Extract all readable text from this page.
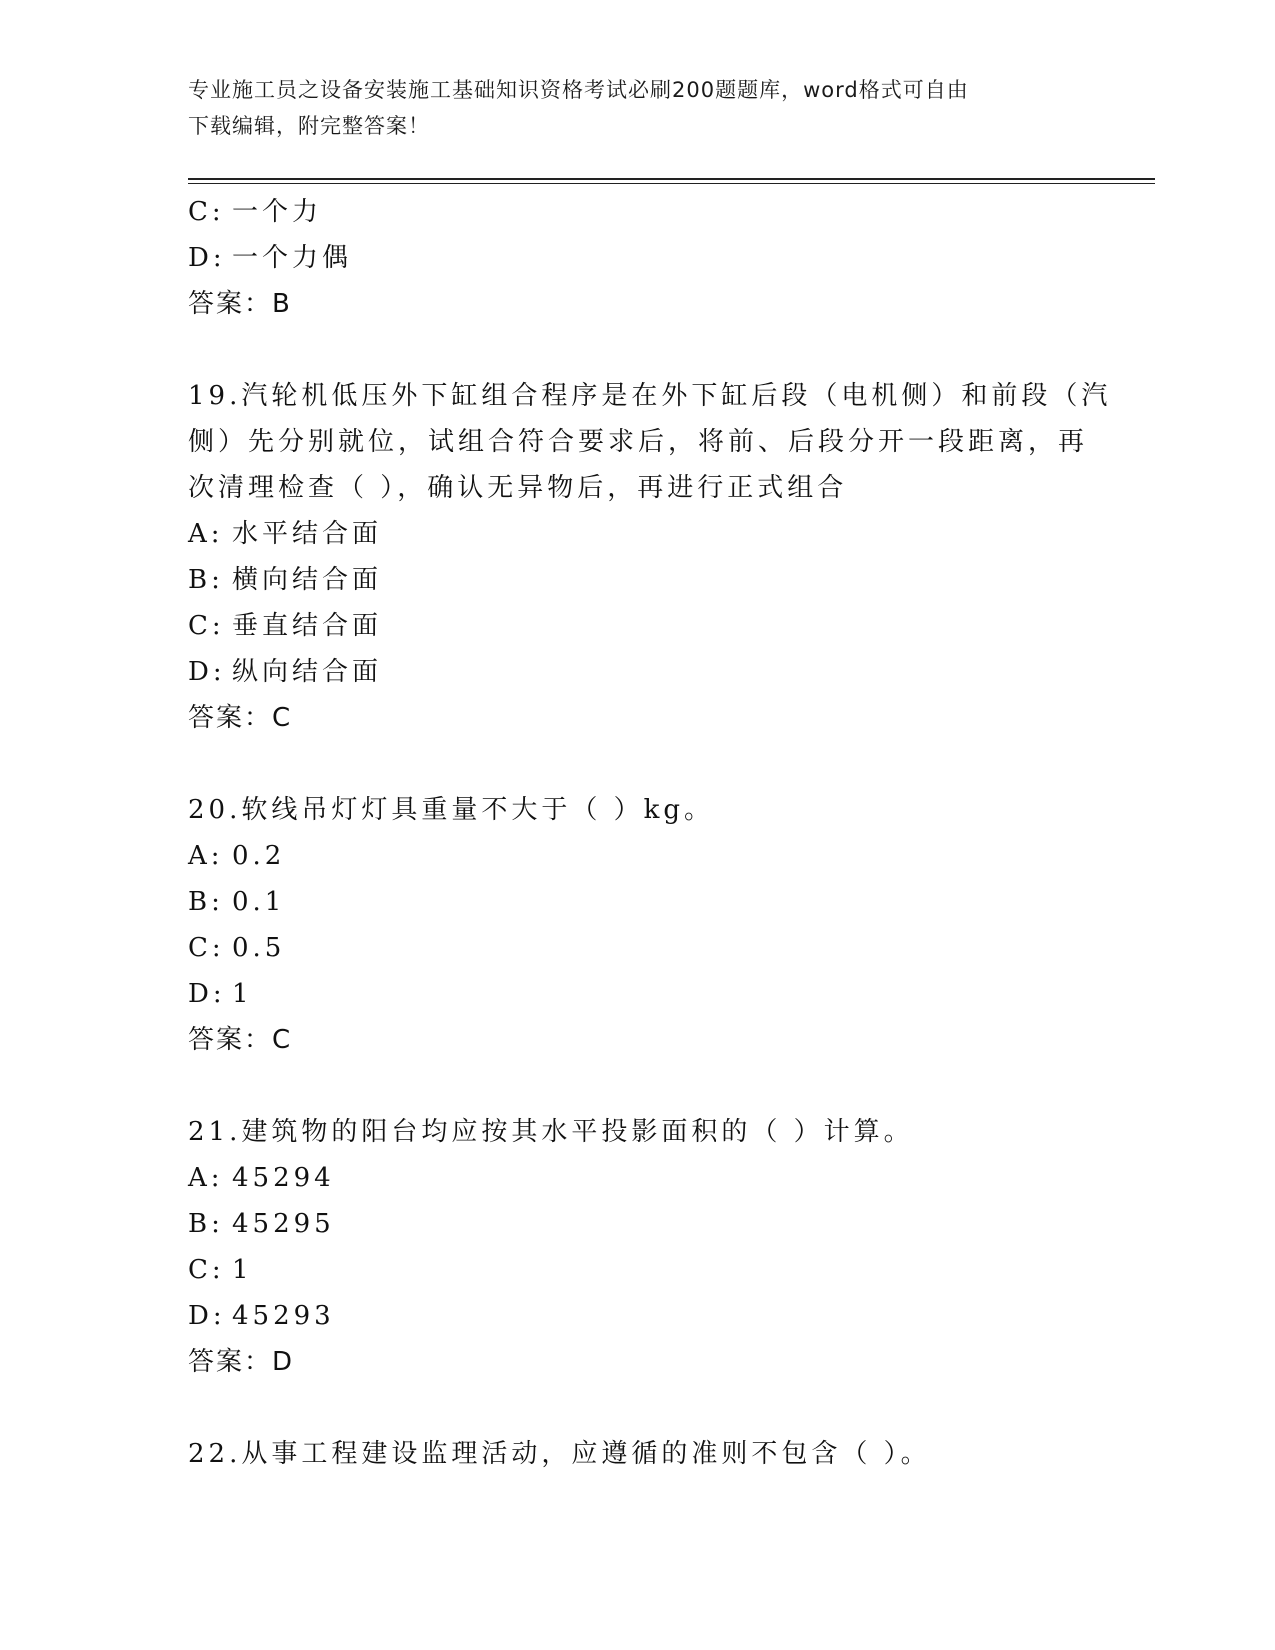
专业施工员之设备安装施工基础知识资格考试必刷200题题库，word格式可自由
下载编辑，附完整答案！
C: 一个力
D: 一个力偶
答案：B
19.汽轮机低压外下缸组合程序是在外下缸后段（电机侧）和前段（汽
侧）先分别就位，试组合符合要求后，将前、后段分开一段距离，再
次清理检查（ ），确认无异物后，再进行正式组合
A: 水平结合面
B: 横向结合面
C: 垂直结合面
D: 纵向结合面
答案：C
20.软线吊灯灯具重量不大于（ ）kg。
A: 0.2
B: 0.1
C: 0.5
D: 1
答案：C
21.建筑物的阳台均应按其水平投影面积的（ ）计算。
A: 45294
B: 45295
C: 1
D: 45293
答案：D
22.从事工程建设监理活动，应遵循的准则不包含（ ）。
